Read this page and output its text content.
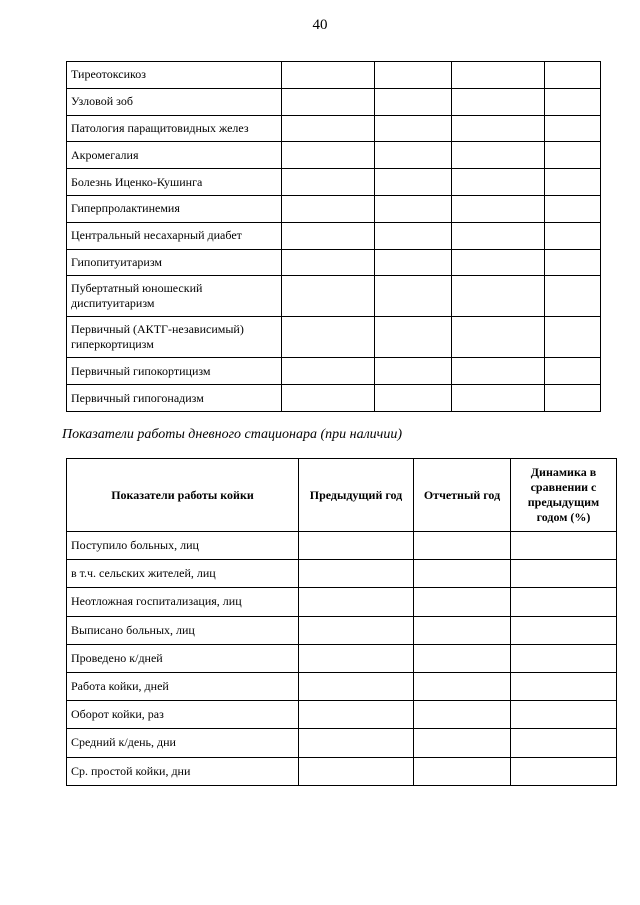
40
Тиреотоксикоз				
Узловой зоб				
Патология паращитовидных желез				
Акромегалия				
Болезнь Иценко-Кушинга				
Гиперпролактинемия				
Центральный несахарный диабет				
Гипопитуитаризм				
Пубертатный юношеский диспитуитаризм				
Первичный (АКТГ-независимый) гиперкортицизм				
Первичный гипокортицизм				
Первичный гипогонадизм				
Показатели работы дневного стационара (при наличии)
Показатели работы койки	Предыдущий год	Отчетный год	Динамика в сравнении с предыдущим годом (%)
Поступило больных, лиц			
в т.ч. сельских жителей, лиц			
Неотложная госпитализация, лиц			
Выписано больных, лиц			
Проведено к/дней			
Работа койки, дней			
Оборот койки, раз			
Средний к/день, дни			
Ср. простой койки, дни			
